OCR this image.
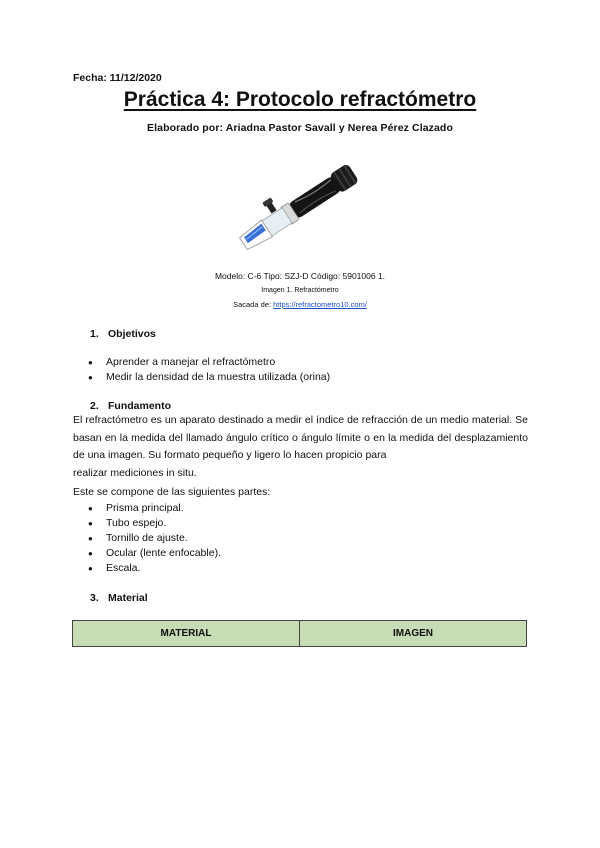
Fecha: 11/12/2020
Práctica 4: Protocolo refractómetro
Elaborado por: Ariadna Pastor Savall y Nerea Pérez Clazado
Modelo: C-6 Tipo: SZJ-D Código: 5901006 1.
Imagen 1. Refractómetro
Sacada de: https://refractometro10.com/
1. Objetivos
● Aprender a manejar el refractómetro
● Medir la densidad de la muestra utilizada (orina)
2. Fundamento
El refractómetro es un aparato destinado a medir el índice de refracción de un medio material. Se basan en la medida del llamado ángulo crítico o ángulo límite o en la medida del desplazamiento de una imagen. Su formato pequeño y ligero lo hacen propicio para
realizar mediciones in situ.
Este se compone de las siguientes partes:
● Prisma principal.
● Tubo espejo.
● Tornillo de ajuste.
● Ocular (lente enfocable).
● Escala.
3. Material
MATERIAL	IMAGEN
